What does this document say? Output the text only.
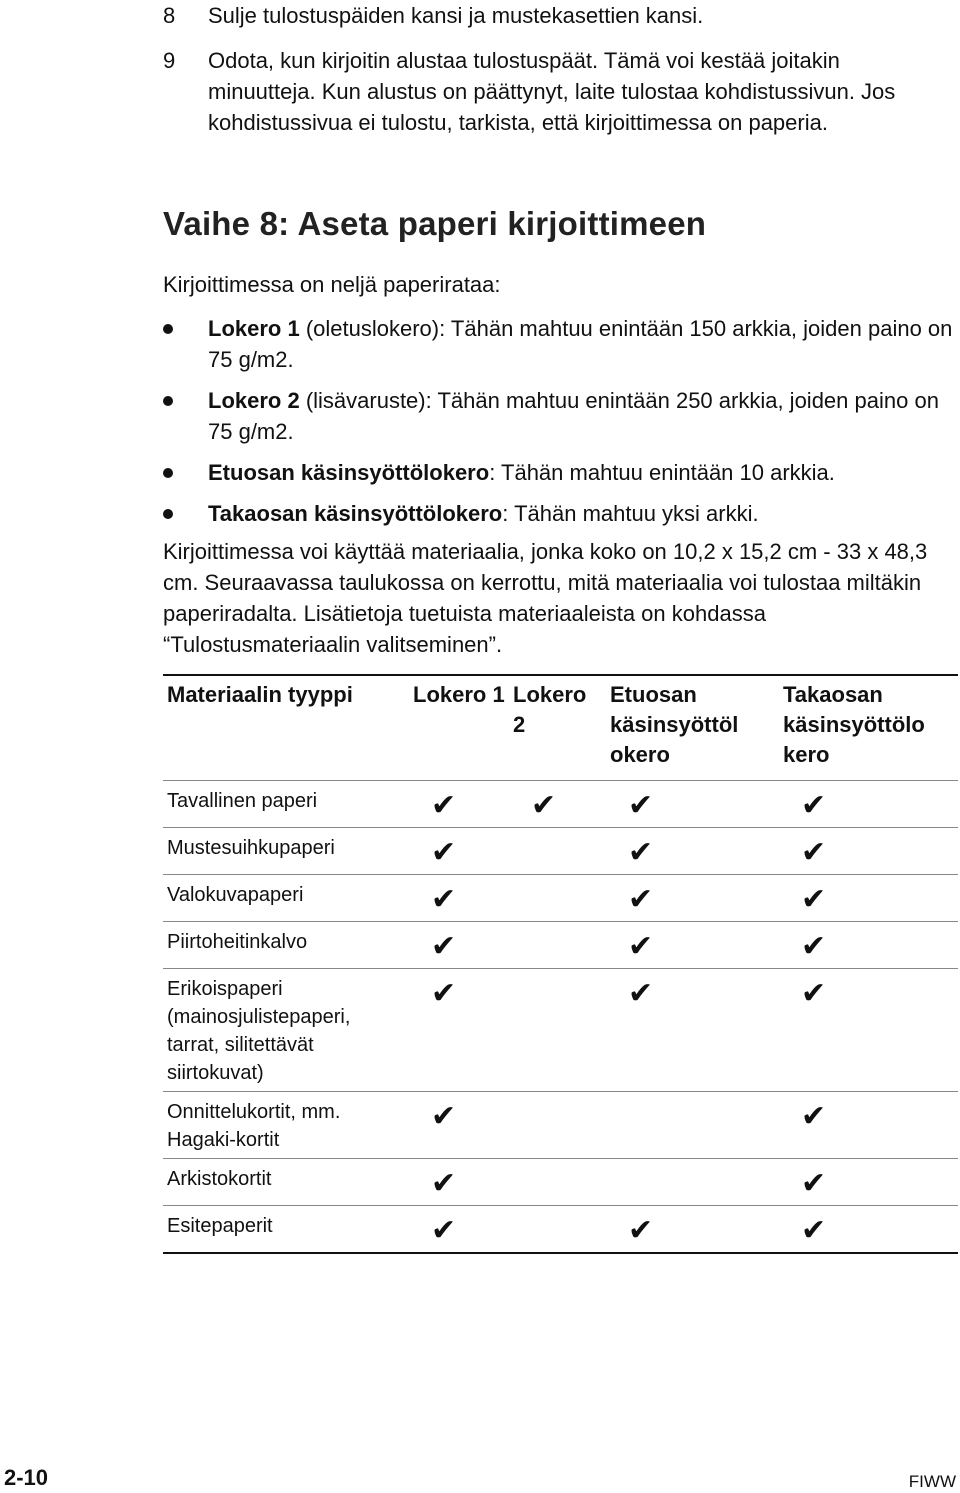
8 Sulje tulostuspäiden kansi ja mustekasettien kansi.
9 Odota, kun kirjoitin alustaa tulostuspäät. Tämä voi kestää joitakin minuutteja. Kun alustus on päättynyt, laite tulostaa kohdistussivun. Jos kohdistussivua ei tulostu, tarkista, että kirjoittimessa on paperia.
Vaihe 8: Aseta paperi kirjoittimeen
Kirjoittimessa on neljä paperirataa:
Lokero 1 (oletuslokero): Tähän mahtuu enintään 150 arkkia, joiden paino on 75 g/m2.
Lokero 2 (lisävaruste): Tähän mahtuu enintään 250 arkkia, joiden paino on 75 g/m2.
Etuosan käsinsyöttölokero: Tähän mahtuu enintään 10 arkkia.
Takaosan käsinsyöttölokero: Tähän mahtuu yksi arkki.
Kirjoittimessa voi käyttää materiaalia, jonka koko on 10,2 x 15,2 cm - 33 x 48,3 cm. Seuraavassa taulukossa on kerrottu, mitä materiaalia voi tulostaa miltäkin paperiradalta. Lisätietoja tuetuista materiaaleista on kohdassa “Tulostusmateriaalin valitseminen”.
Materiaalin tyyppi	Lokero 1	Lokero 2	Etuosan käsinsyöttöl okero	Takaosan käsinsyöttölo kero
Tavallinen paperi	✔	✔	✔	✔
Mustesuihkupaperi	✔		✔	✔
Valokuvapaperi	✔		✔	✔
Piirtoheitinkalvo	✔		✔	✔
Erikoispaperi (mainosjulistepaperi, tarrat, silitettävät siirtokuvat)	✔		✔	✔
Onnittelukortit, mm. Hagaki-kortit	✔			✔
Arkistokortit	✔			✔
Esitepaperit	✔		✔	✔
2-10	FIWW
